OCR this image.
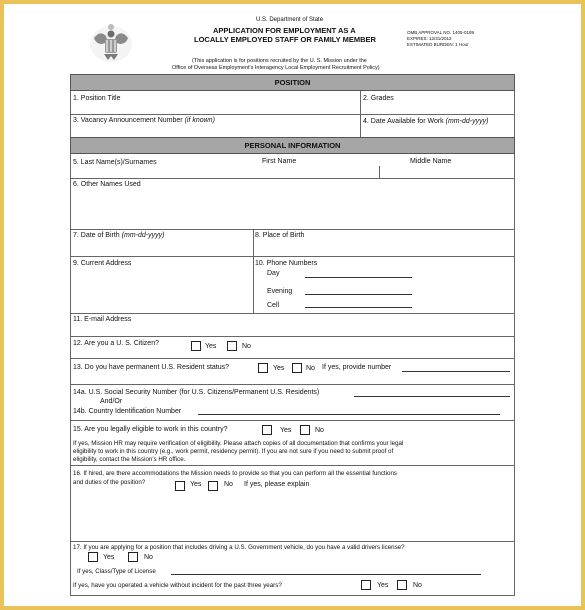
U.S. Department of State
APPLICATION FOR EMPLOYMENT AS A
LOCALLY EMPLOYED STAFF OR FAMILY MEMBER
OMB APPROVAL NO. 1405-0189
EXPIRES: 12/31/2012
ESTIMATED BURDEN: 1 Hour
(This application is for positions recruited by the U. S. Mission under the
Office of Overseas Employment's Interagency Local Employment Recruitment Policy)
POSITION
1. Position Title	2. Grades
3. Vacancy Announcement Number (if known)	4. Date Available for Work (mm-dd-yyyy)
PERSONAL INFORMATION
5. Last Name(s)/Surnames	First Name	Middle Name
6. Other Names Used
7. Date of Birth (mm-dd-yyyy)	8. Place of Birth
9. Current Address	10. Phone Numbers
Day
Evening
Cell
11. E-mail Address
12. Are you a U. S. Citizen?	Yes	No
13. Do you have permanent U.S. Resident status?	Yes	No If yes, provide number
14a. U.S. Social Security Number (for U.S. Citizens/Permanent U.S. Residents)
And/Or
14b. Country Identification Number
15. Are you legally eligible to work in this country?	Yes	No
If yes, Mission HR may require verification of eligibility. Please attach copies of all documentation that confirms your legal
eligibility to work in this country (e.g., work permit, residency permit). If you are not sure if you need to submit proof of
eligibility, contact the Mission's HR office.
16. If hired, are there accommodations the Mission needs to provide so that you can perform all the essential functions
and duties of the position?	Yes	No If yes, please explain
17. If you are applying for a position that includes driving a U.S. Government vehicle, do you have a valid drivers license?
Yes	No
If yes, Class/Type of License
If yes, have you operated a vehicle without incident for the past three years?	Yes	No
